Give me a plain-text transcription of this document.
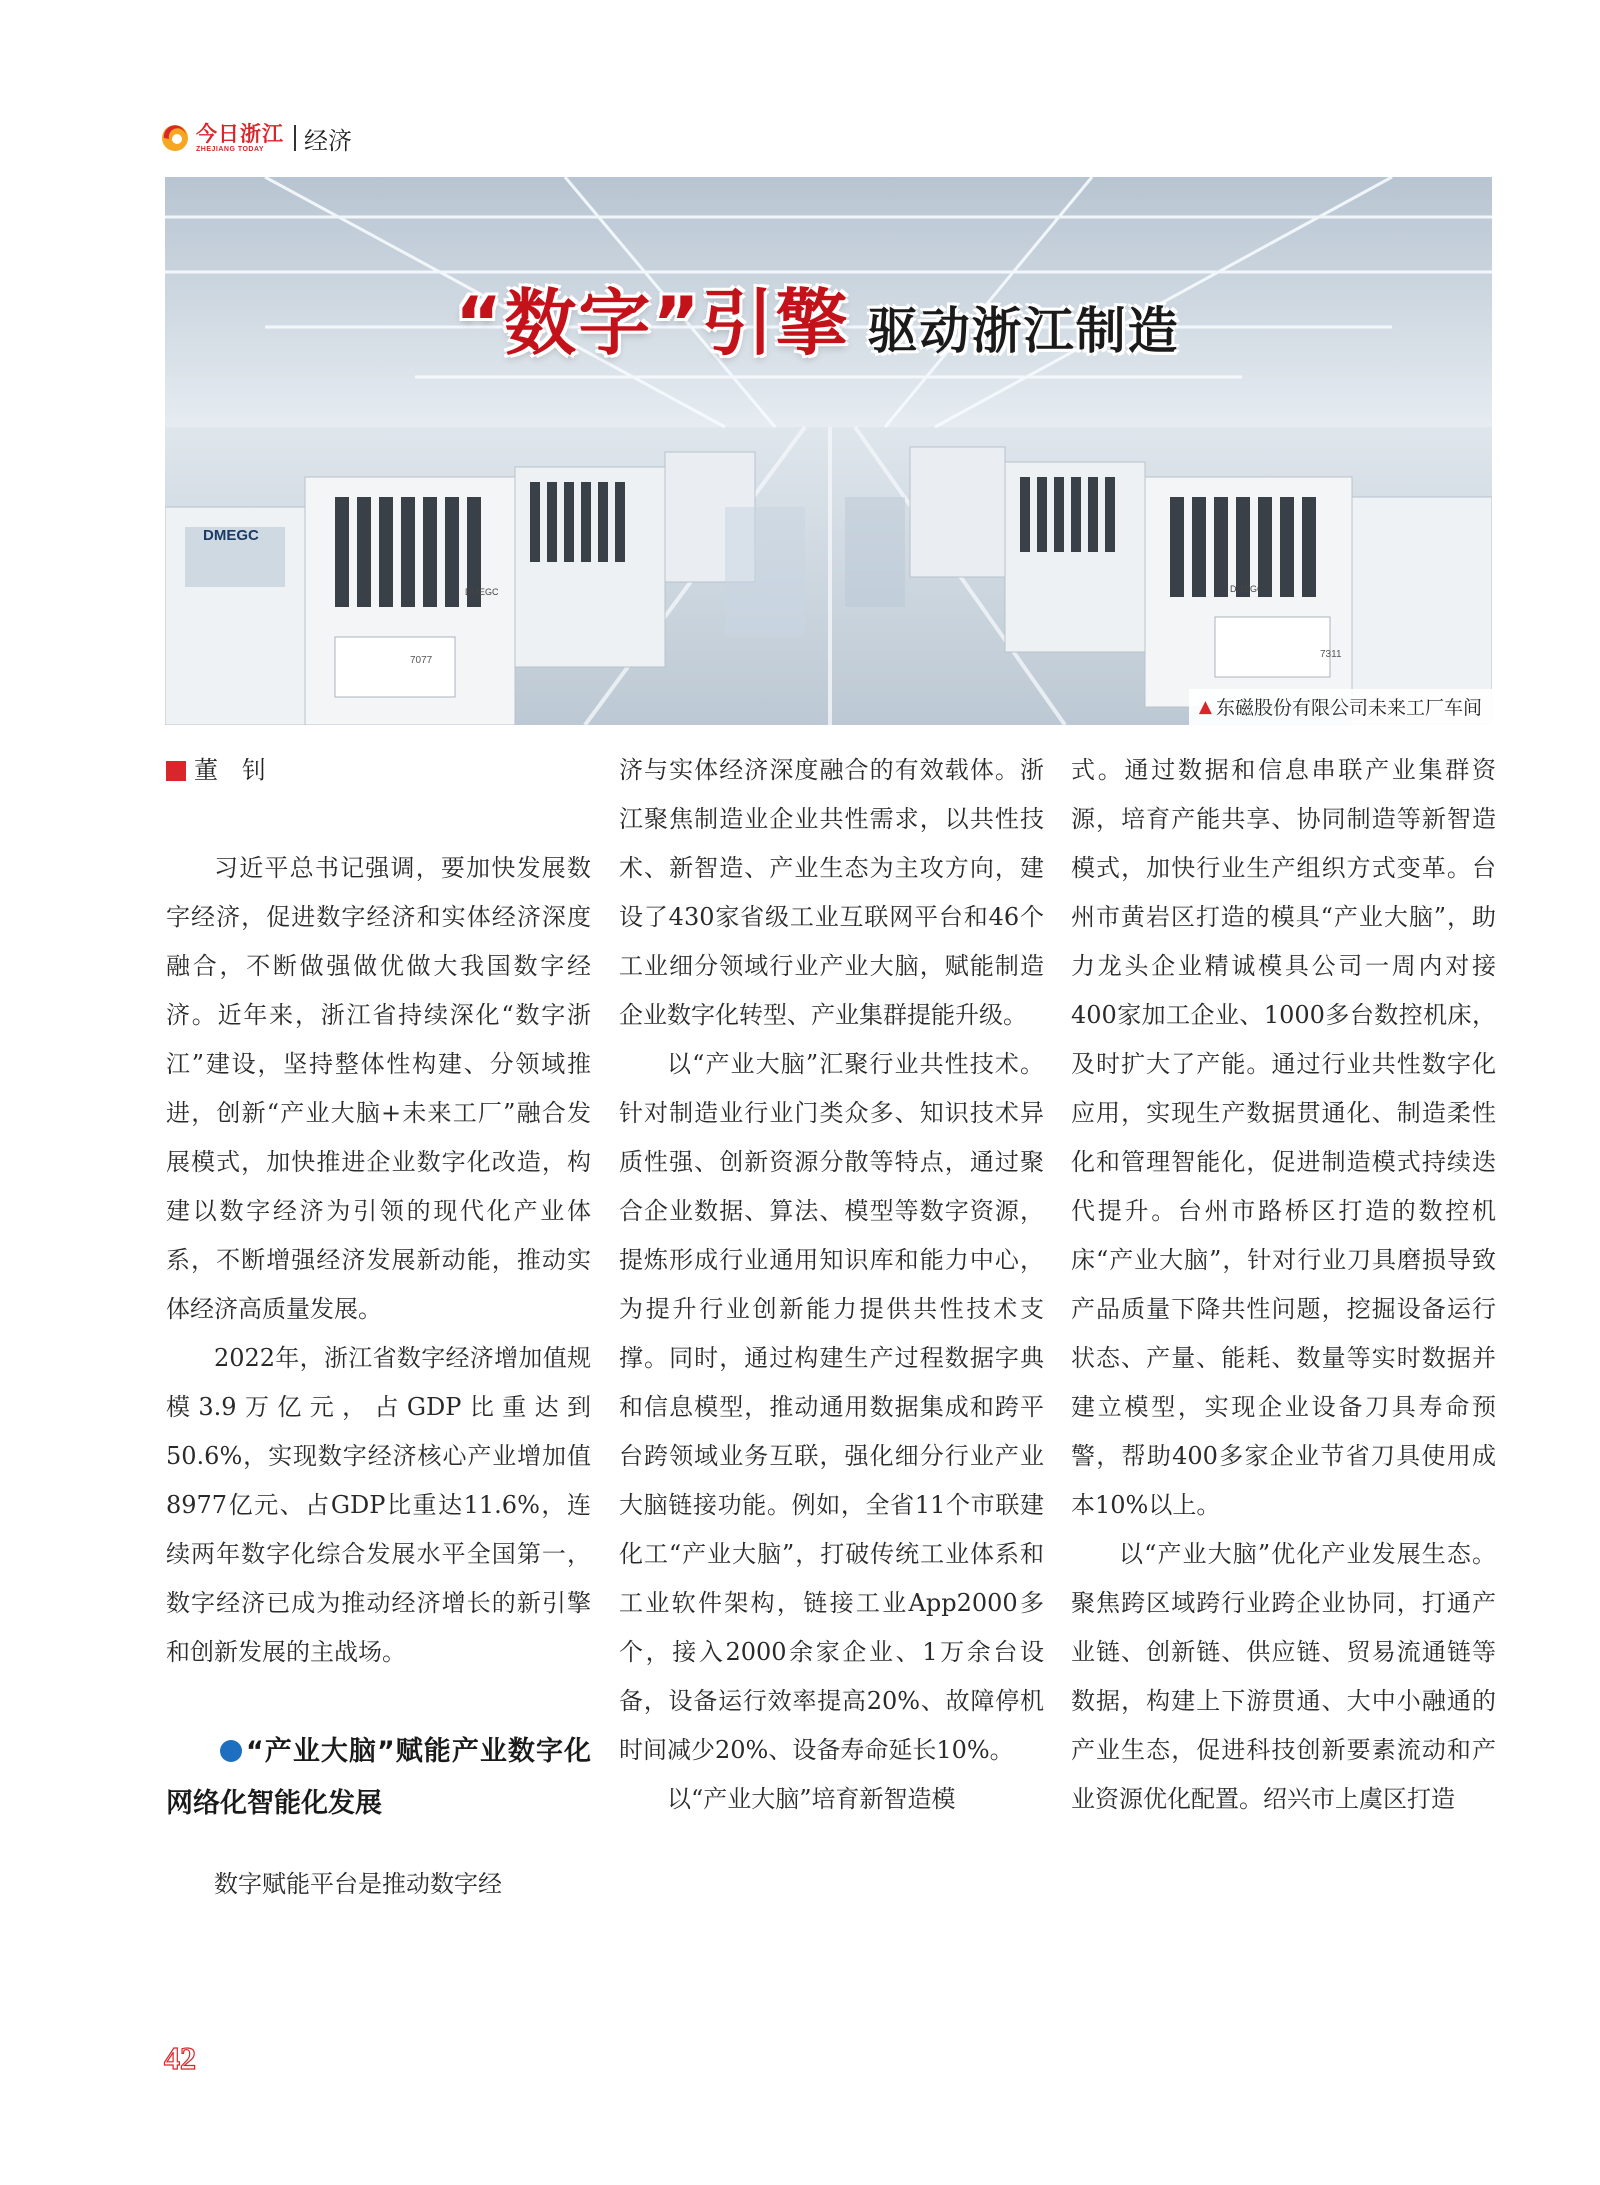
今日浙江
ZHEJIANG TODAY	经济
DMEGC
DMEGC	DMEGC
7077
7311
“数字”引擎 驱动浙江制造
▲ 东磁股份有限公司未来工厂车间
董钊

习近平总书记强调，要加快发展数字经济，促进数字经济和实体经济深度融合，不断做强做优做大我国数字经济。近年来，浙江省持续深化“数字浙江”建设，坚持整体性构建、分领域推进，创新“产业大脑+未来工厂”融合发展模式，加快推进企业数字化改造，构建以数字经济为引领的现代化产业体系，不断增强经济发展新动能，推动实体经济高质量发展。

2022年，浙江省数字经济增加值规模3.9万亿元，占GDP比重达到50.6%，实现数字经济核心产业增加值8977亿元、占GDP比重达11.6%，连续两年数字化综合发展水平全国第一，数字经济已成为推动经济增长的新引擎和创新发展的主战场。

“产业大脑”赋能产业数字化网络化智能化发展

数字赋能平台是推动数字经

济与实体经济深度融合的有效载体。浙江聚焦制造业企业共性需求，以共性技术、新智造、产业生态为主攻方向，建设了430家省级工业互联网平台和46个工业细分领域行业产业大脑，赋能制造企业数字化转型、产业集群提能升级。

以“产业大脑”汇聚行业共性技术。针对制造业行业门类众多、知识技术异质性强、创新资源分散等特点，通过聚合企业数据、算法、模型等数字资源，提炼形成行业通用知识库和能力中心，为提升行业创新能力提供共性技术支撑。同时，通过构建生产过程数据字典和信息模型，推动通用数据集成和跨平台跨领域业务互联，强化细分行业产业大脑链接功能。例如，全省11个市联建化工“产业大脑”，打破传统工业体系和工业软件架构，链接工业App2000多个，接入2000余家企业、1万余台设备，设备运行效率提高20%、故障停机时间减少20%、设备寿命延长10%。

以“产业大脑”培育新智造模

式。通过数据和信息串联产业集群资源，培育产能共享、协同制造等新智造模式，加快行业生产组织方式变革。台州市黄岩区打造的模具“产业大脑”，助力龙头企业精诚模具公司一周内对接400家加工企业、1000多台数控机床，及时扩大了产能。通过行业共性数字化应用，实现生产数据贯通化、制造柔性化和管理智能化，促进制造模式持续迭代提升。台州市路桥区打造的数控机床“产业大脑”，针对行业刀具磨损导致产品质量下降共性问题，挖掘设备运行状态、产量、能耗、数量等实时数据并建立模型，实现企业设备刀具寿命预警，帮助400多家企业节省刀具使用成本10%以上。

以“产业大脑”优化产业发展生态。聚焦跨区域跨行业跨企业协同，打通产业链、创新链、供应链、贸易流通链等数据，构建上下游贯通、大中小融通的产业生态，促进科技创新要素流动和产业资源优化配置。绍兴市上虞区打造

42
